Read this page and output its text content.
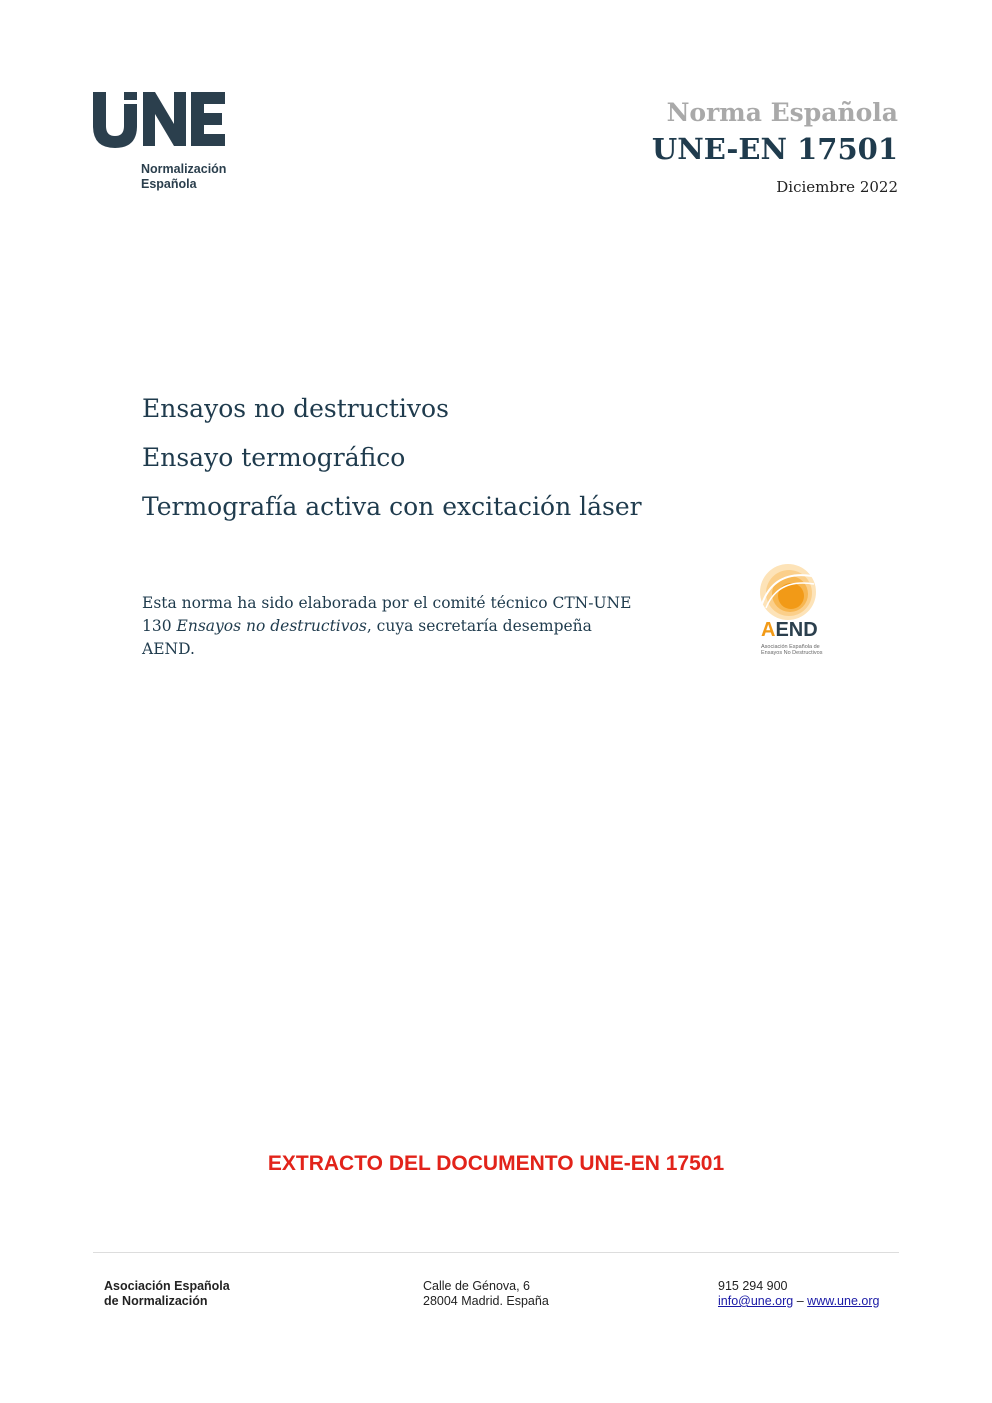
Normalización
Española
Norma Española
UNE-EN 17501
Diciembre 2022
Ensayos no destructivos
Ensayo termográfico
Termografía activa con excitación láser
Esta norma ha sido elaborada por el comité técnico CTN-UNE 130 Ensayos no destructivos, cuya secretaría desempeña AEND.
AEND
Asociación Española de
Ensayos No Destructivos
EXTRACTO DEL DOCUMENTO UNE-EN 17501
Asociación Española
de Normalización
Calle de Génova, 6
28004 Madrid. España
915 294 900
info@une.org – www.une.org
